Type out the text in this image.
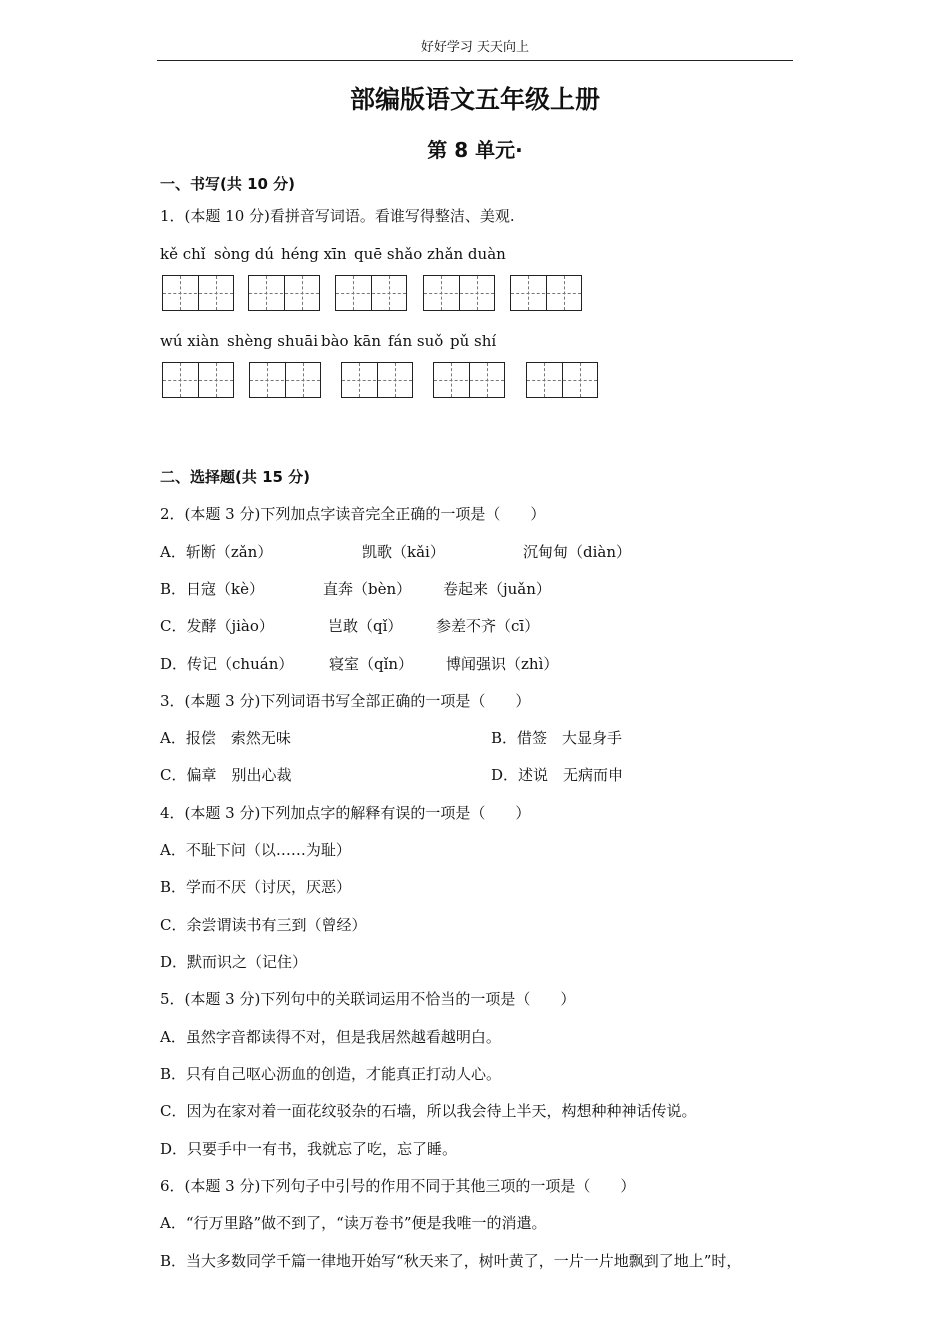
好好学习 天天向上
部编版语文五年级上册
第 8 单元·
一、书写(共 10 分)
1．(本题 10 分)看拼音写词语。看谁写得整洁、美观.
kě chǐ sòng dú héng xīn quē shǎo zhǎn duàn
wú xiàn shèng shuāi bào kān fán suǒ pǔ shí
二、选择题(共 15 分)
2．(本题 3 分)下列加点字读音完全正确的一项是（　　）
A．斩断（zǎn）	凯歌（kǎi）	沉甸甸（diàn）
B．日寇（kè）	直奔（bèn） 卷起来（juǎn）
C．发酵（jiào）	岂敢（qǐ） 参差不齐（cī）
D．传记（chuán） 寝室（qǐn） 博闻强识（zhì）
3．(本题 3 分)下列词语书写全部正确的一项是（　　）
A．报偿　索然无味	B．借签　大显身手
C．偏章　别出心裁	D．述说　无病而申
4．(本题 3 分)下列加点字的解释有误的一项是（　　）
A．不耻下问（以……为耻）
B．学而不厌（讨厌，厌恶）
C．余尝谓读书有三到（曾经）
D．默而识之（记住）
5．(本题 3 分)下列句中的关联词运用不恰当的一项是（　　）
A．虽然字音都读得不对，但是我居然越看越明白。
B．只有自己呕心沥血的创造，才能真正打动人心。
C．因为在家对着一面花纹驳杂的石墙，所以我会待上半天，构想种种神话传说。
D．只要手中一有书，我就忘了吃，忘了睡。
6．(本题 3 分)下列句子中引号的作用不同于其他三项的一项是（　　）
A．“行万里路”做不到了，“读万卷书”便是我唯一的消遣。
B．当大多数同学千篇一律地开始写“秋天来了，树叶黄了，一片一片地飘到了地上”时，
